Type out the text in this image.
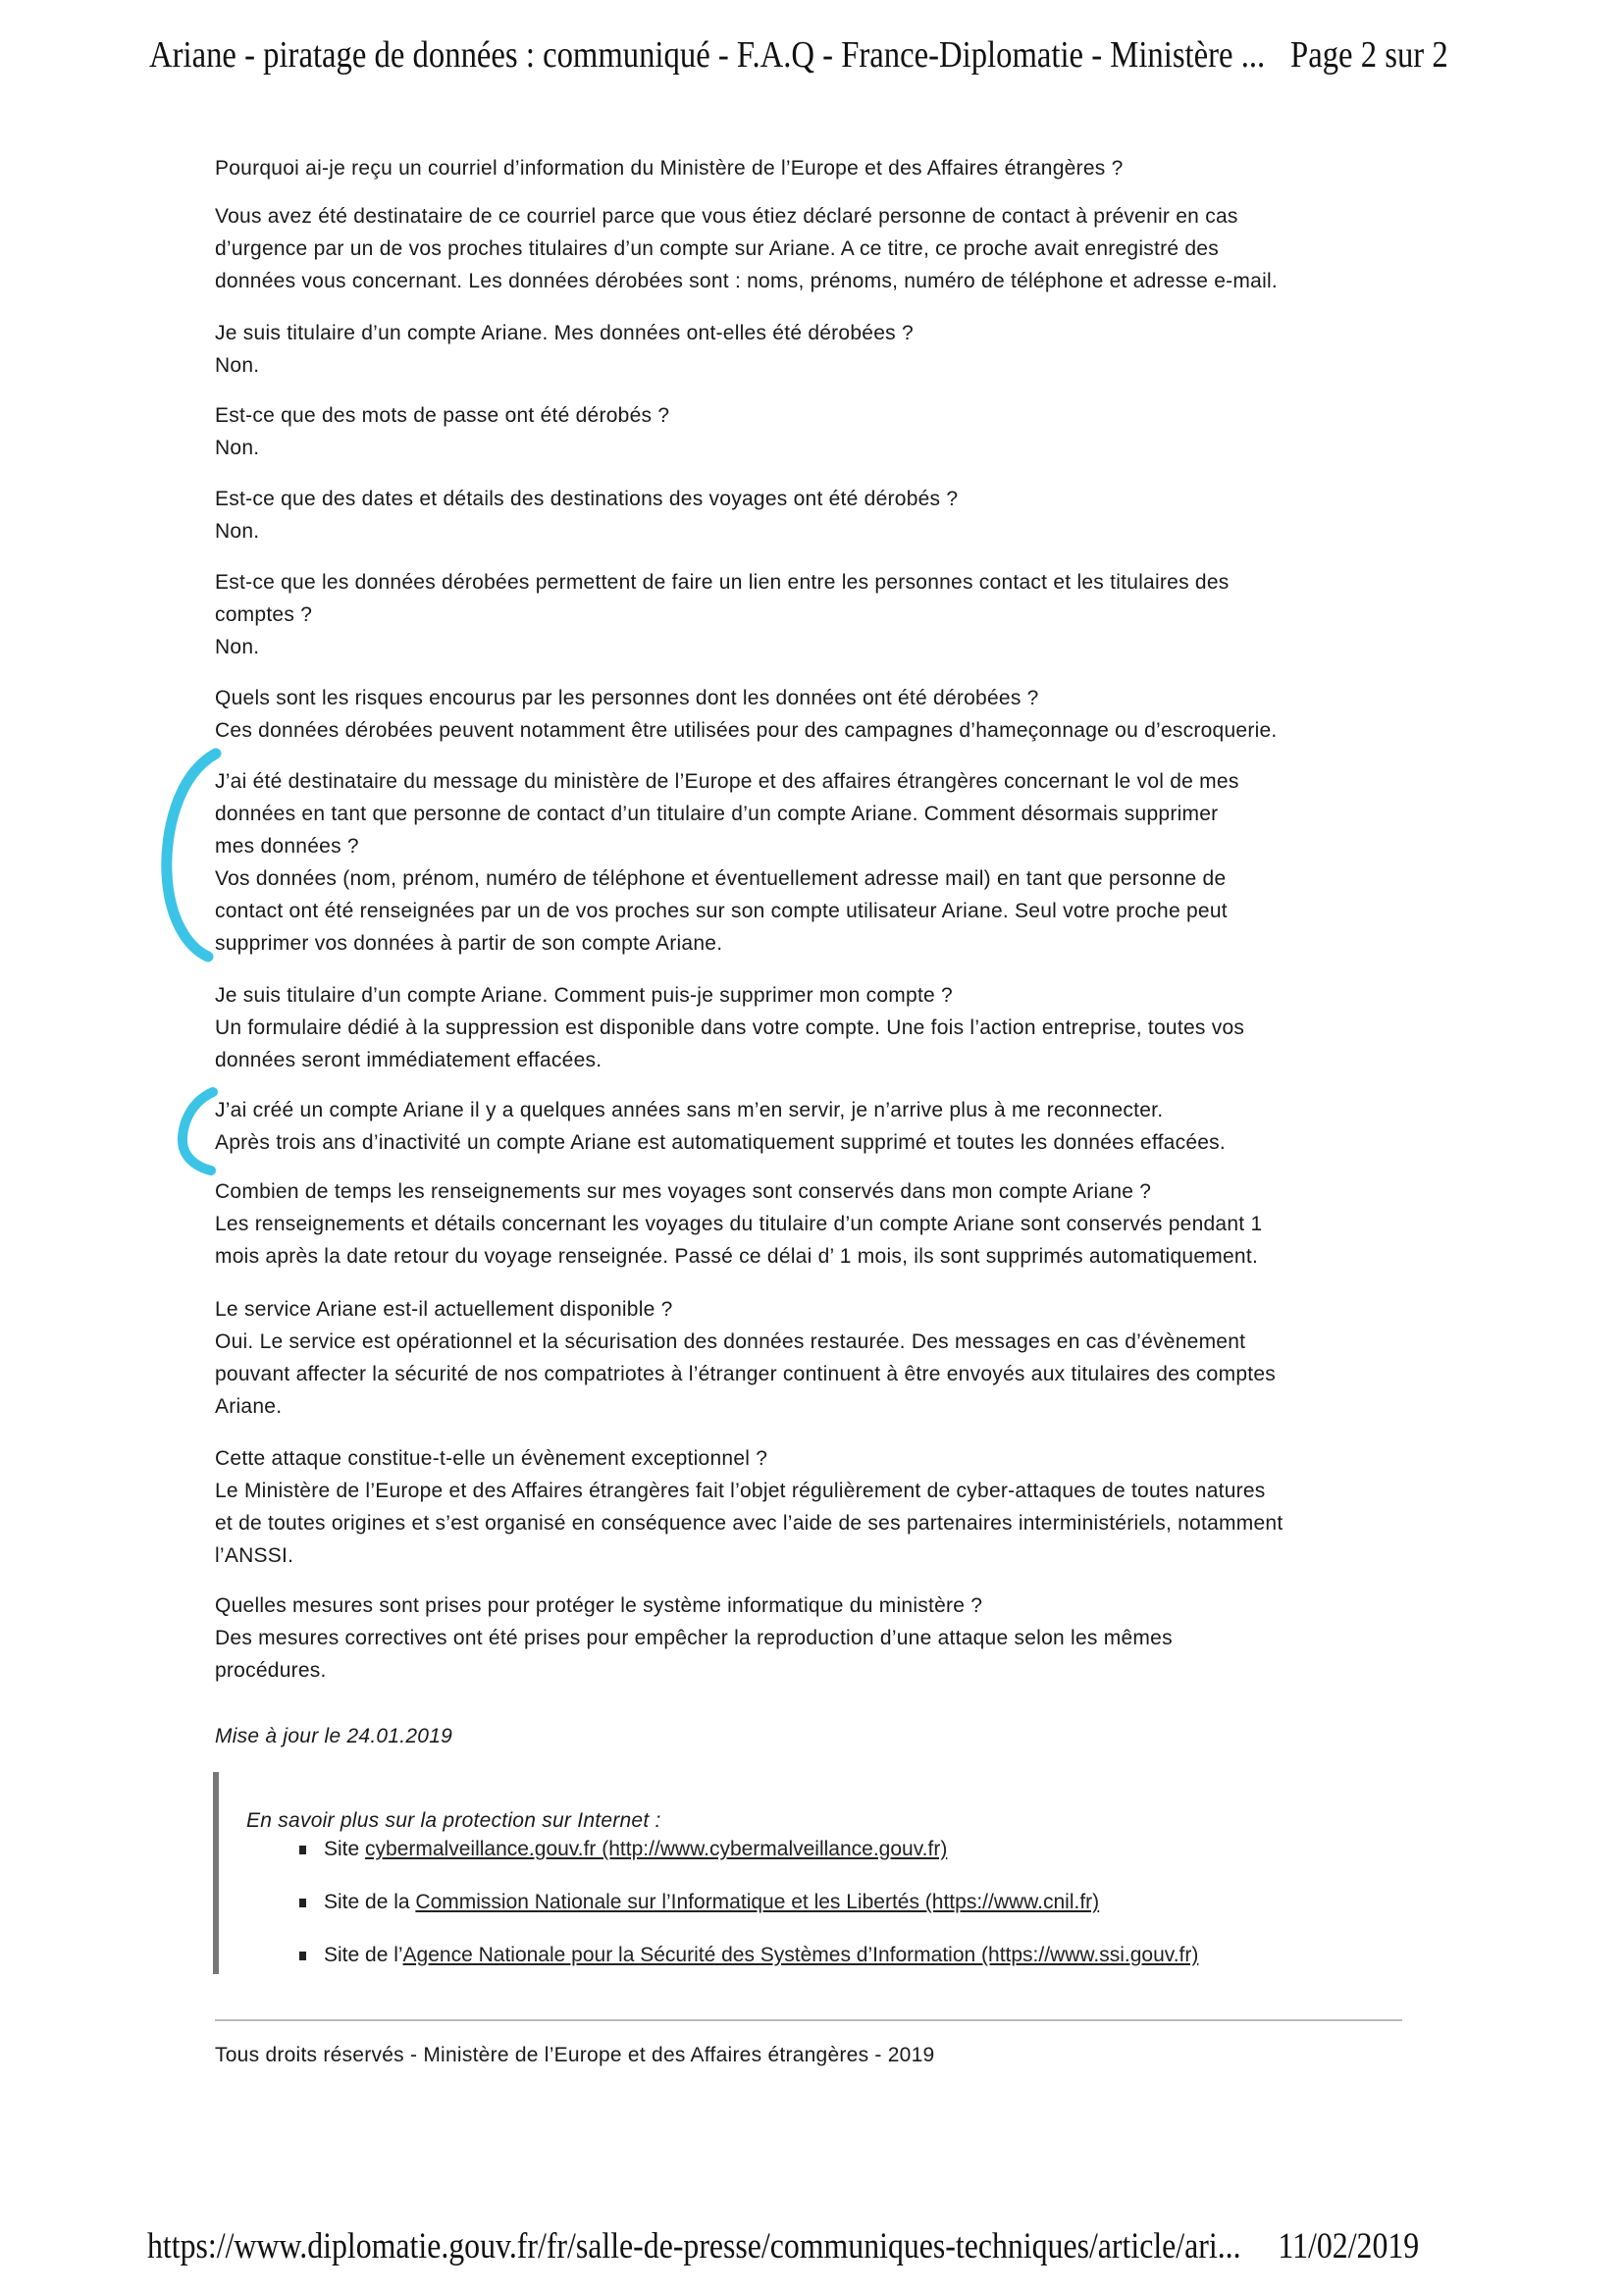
Ariane - piratage de données : communiqué - F.A.Q - France-Diplomatie - Ministère ... Page 2 sur 2
Pourquoi ai-je reçu un courriel d’information du Ministère de l’Europe et des Affaires étrangères ?
Vous avez été destinataire de ce courriel parce que vous étiez déclaré personne de contact à prévenir en cas
d’urgence par un de vos proches titulaires d’un compte sur Ariane. A ce titre, ce proche avait enregistré des
données vous concernant. Les données dérobées sont : noms, prénoms, numéro de téléphone et adresse e-mail.
Je suis titulaire d’un compte Ariane. Mes données ont-elles été dérobées ?
Non.
Est-ce que des mots de passe ont été dérobés ?
Non.
Est-ce que des dates et détails des destinations des voyages ont été dérobés ?
Non.
Est-ce que les données dérobées permettent de faire un lien entre les personnes contact et les titulaires des
comptes ?
Non.
Quels sont les risques encourus par les personnes dont les données ont été dérobées ?
Ces données dérobées peuvent notamment être utilisées pour des campagnes d’hameçonnage ou d’escroquerie.
J’ai été destinataire du message du ministère de l’Europe et des affaires étrangères concernant le vol de mes
données en tant que personne de contact d’un titulaire d’un compte Ariane. Comment désormais supprimer
mes données ?
Vos données (nom, prénom, numéro de téléphone et éventuellement adresse mail) en tant que personne de
contact ont été renseignées par un de vos proches sur son compte utilisateur Ariane. Seul votre proche peut
supprimer vos données à partir de son compte Ariane.
Je suis titulaire d’un compte Ariane. Comment puis-je supprimer mon compte ?
Un formulaire dédié à la suppression est disponible dans votre compte. Une fois l’action entreprise, toutes vos
données seront immédiatement effacées.
J’ai créé un compte Ariane il y a quelques années sans m’en servir, je n’arrive plus à me reconnecter.
Après trois ans d’inactivité un compte Ariane est automatiquement supprimé et toutes les données effacées.
Combien de temps les renseignements sur mes voyages sont conservés dans mon compte Ariane ?
Les renseignements et détails concernant les voyages du titulaire d’un compte Ariane sont conservés pendant 1
mois après la date retour du voyage renseignée. Passé ce délai d’ 1 mois, ils sont supprimés automatiquement.
Le service Ariane est-il actuellement disponible ?
Oui. Le service est opérationnel et la sécurisation des données restaurée. Des messages en cas d’évènement
pouvant affecter la sécurité de nos compatriotes à l’étranger continuent à être envoyés aux titulaires des comptes
Ariane.
Cette attaque constitue-t-elle un évènement exceptionnel ?
Le Ministère de l’Europe et des Affaires étrangères fait l’objet régulièrement de cyber-attaques de toutes natures
et de toutes origines et s’est organisé en conséquence avec l’aide de ses partenaires interministériels, notamment
l’ANSSI.
Quelles mesures sont prises pour protéger le système informatique du ministère ?
Des mesures correctives ont été prises pour empêcher la reproduction d’une attaque selon les mêmes
procédures.
Mise à jour le 24.01.2019
En savoir plus sur la protection sur Internet :
Site cybermalveillance.gouv.fr (http://www.cybermalveillance.gouv.fr)
Site de la Commission Nationale sur l’Informatique et les Libertés (https://www.cnil.fr)
Site de l’Agence Nationale pour la Sécurité des Systèmes d’Information (https://www.ssi.gouv.fr)
Tous droits réservés - Ministère de l’Europe et des Affaires étrangères - 2019
https://www.diplomatie.gouv.fr/fr/salle-de-presse/communiques-techniques/article/ari... 11/02/2019
